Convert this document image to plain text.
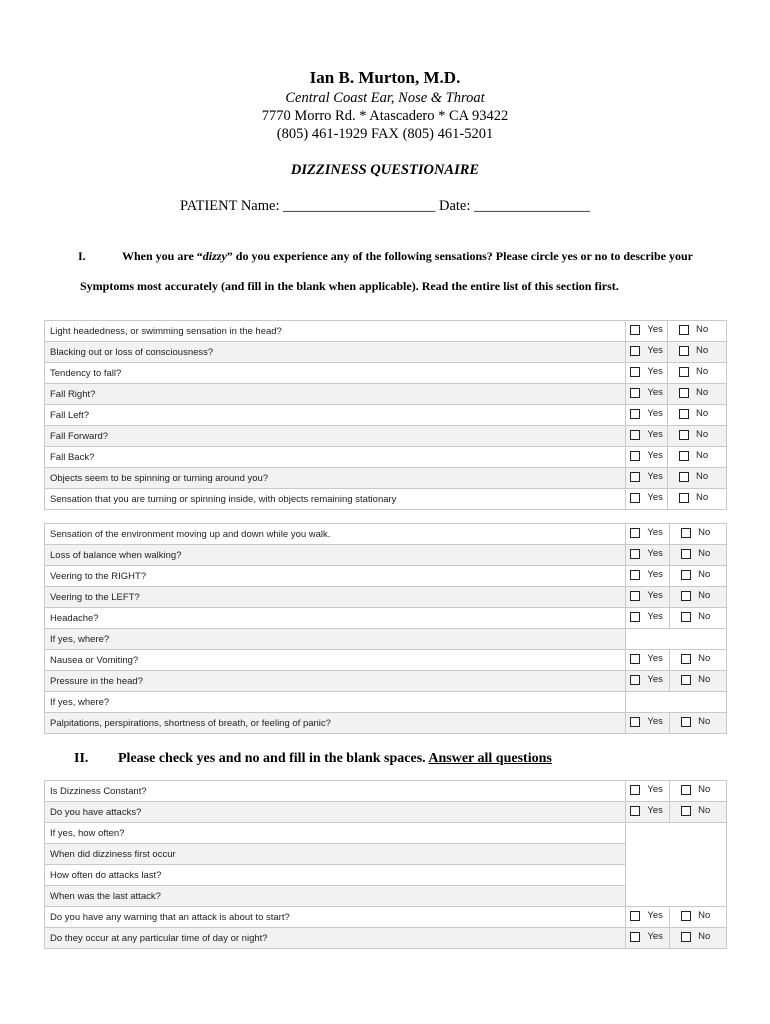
Ian B. Murton, M.D.
Central Coast Ear, Nose & Throat
7770 Morro Rd. * Atascadero * CA 93422
(805) 461-1929 FAX (805) 461-5201
DIZZINESS QUESTIONAIRE
PATIENT Name: _____________________ Date: ________________
I.	When you are “dizzy” do you experience any of the following sensations? Please circle yes or no to describe your
Symptoms most accurately (and fill in the blank when applicable). Read the entire list of this section first.
Light headedness, or swimming sensation in the head?	Yes	No

Blacking out or loss of consciousness?	Yes	No

Tendency to fall?	Yes	No

Fall Right?	Yes	No

Fall Left?	Yes	No

Fall Forward?	Yes	No

Fall Back?	Yes	No

Objects seem to be spinning or turning around you?	Yes	No

Sensation that you are turning or spinning inside, with objects remaining stationary	Yes	No
Sensation of the environment moving up and down while you walk.	Yes	No

Loss of balance when walking?	Yes	No

Veering to the RIGHT?	Yes	No

Veering to the LEFT?	Yes	No

Headache?	Yes	No

If yes, where?		
Nausea or Vomiting?	Yes	No

Pressure in the head?	Yes	No

If yes, where?		
Palpitations, perspirations, shortness of breath, or feeling of panic?	Yes	No
II. Please check yes and no and fill in the blank spaces. Answer all questions
Is Dizziness Constant?	Yes	No

Do you have attacks?	Yes	No

If yes, how often?		
When did dizziness first occur		
How often do attacks last?		
When was the last attack?		
Do you have any warning that an attack is about to start?	Yes	No

Do they occur at any particular time of day or night?	Yes	No
